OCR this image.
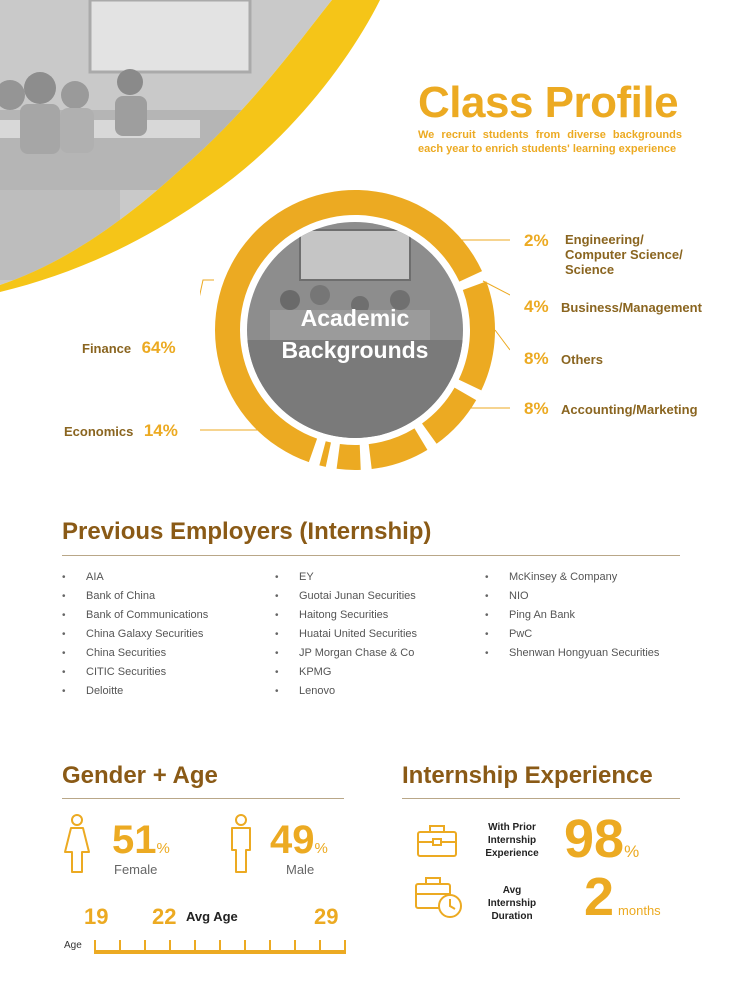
Class Profile
We recruit students from diverse backgrounds each year to enrich students' learning experience
Academic
Backgrounds
Finance 64%
Economics 14%
2% Engineering/
Computer Science/
Science
4% Business/Management
8% Others
8% Accounting/Marketing
Previous Employers (Internship)
• AIA
• Bank of China
• Bank of Communications
• China Galaxy Securities
• China Securities
• CITIC Securities
• Deloitte
• EY
• Guotai Junan Securities
• Haitong Securities
• Huatai United Securities
• JP Morgan Chase & Co
• KPMG
• Lenovo
• McKinsey & Company
• NIO
• Ping An Bank
• PwC
• Shenwan Hongyuan Securities
Gender + Age
51%
Female
49%
Male
19 22 Avg Age	29
Age
Internship Experience
With Prior
Internship
Experience 98%
Avg
Internship
Duration 2 months
